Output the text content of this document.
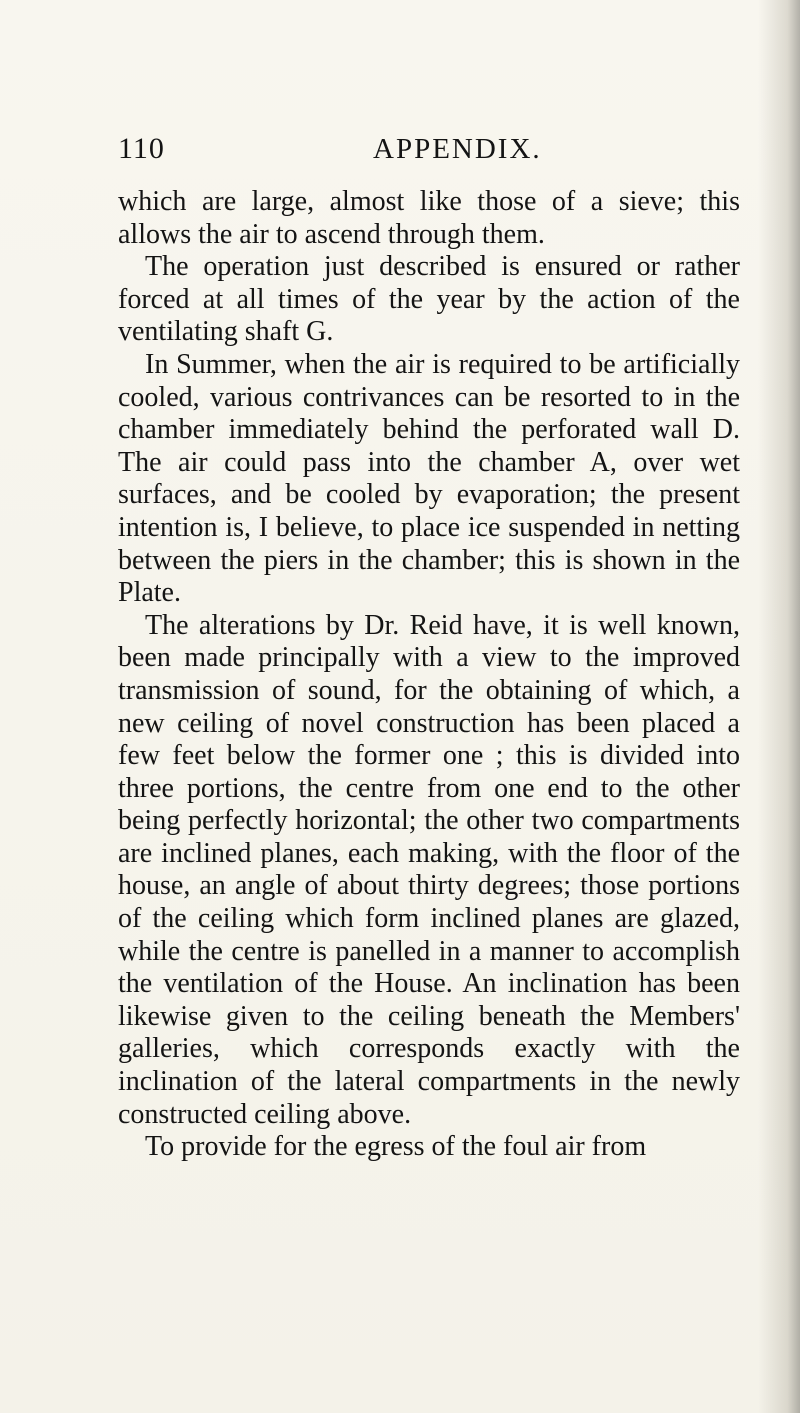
110	APPENDIX.

which are large, almost like those of a sieve; this allows the air to ascend through them.

The operation just described is ensured or rather forced at all times of the year by the action of the ventilating shaft G.

In Summer, when the air is required to be artificially cooled, various contrivances can be resorted to in the chamber immediately behind the perforated wall D. The air could pass into the chamber A, over wet surfaces, and be cooled by evaporation; the present intention is, I believe, to place ice suspended in netting between the piers in the chamber; this is shown in the Plate.

The alterations by Dr. Reid have, it is well known, been made principally with a view to the improved transmission of sound, for the obtaining of which, a new ceiling of novel construction has been placed a few feet below the former one ; this is divided into three portions, the centre from one end to the other being perfectly horizontal; the other two compartments are inclined planes, each making, with the floor of the house, an angle of about thirty degrees; those portions of the ceiling which form inclined planes are glazed, while the centre is panelled in a manner to accomplish the ventilation of the House. An inclination has been likewise given to the ceiling beneath the Members' galleries, which corresponds exactly with the inclination of the lateral compartments in the newly constructed ceiling above.

To provide for the egress of the foul air from
